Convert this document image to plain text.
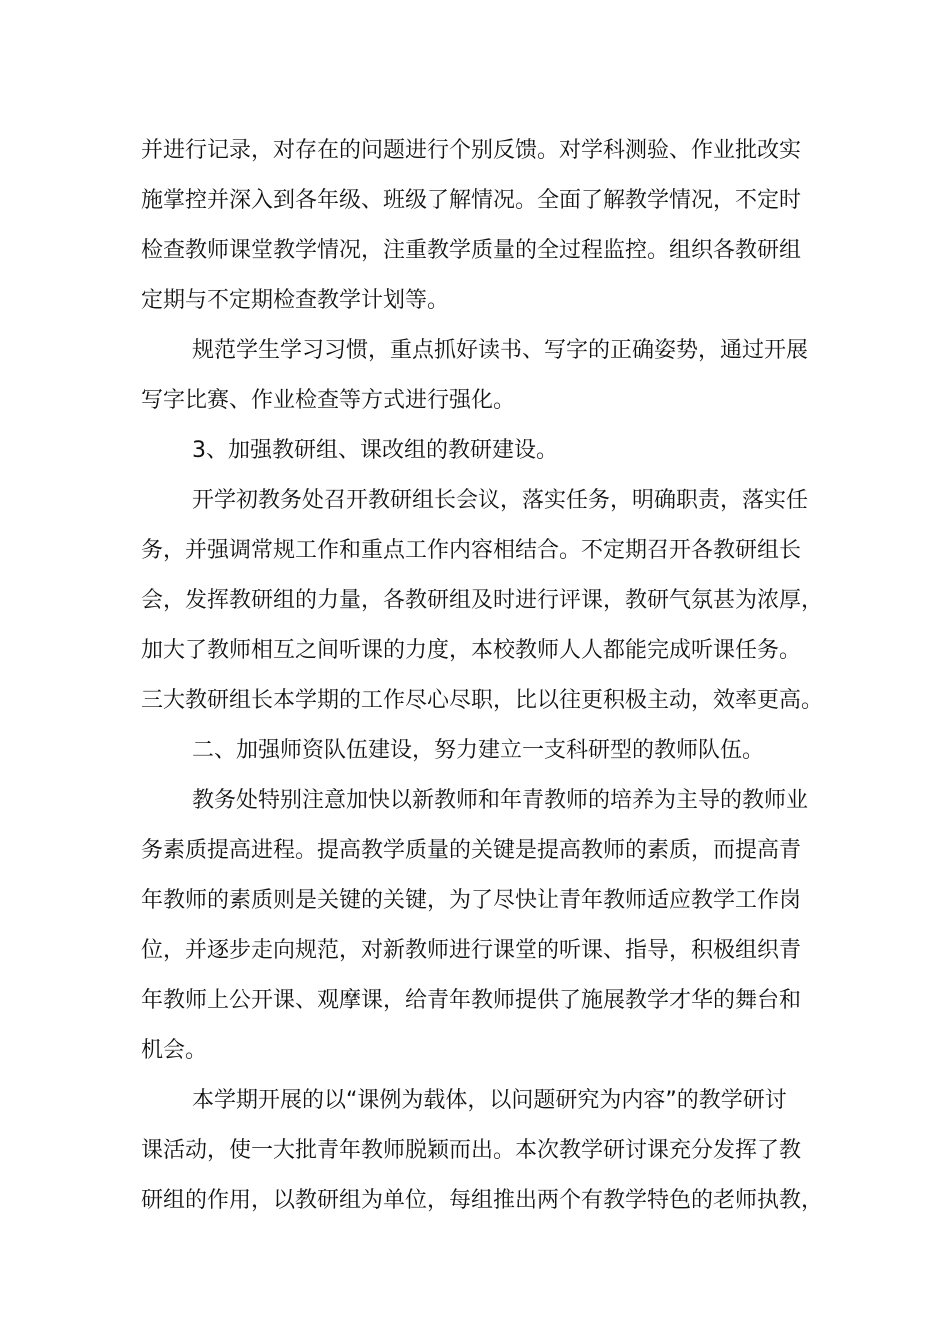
并进行记录，对存在的问题进行个别反馈。对学科测验、作业批改实
施掌控并深入到各年级、班级了解情况。全面了解教学情况，不定时
检查教师课堂教学情况，注重教学质量的全过程监控。组织各教研组
定期与不定期检查教学计划等。
规范学生学习习惯，重点抓好读书、写字的正确姿势，通过开展
写字比赛、作业检查等方式进行强化。
3、加强教研组、课改组的教研建设。
开学初教务处召开教研组长会议，落实任务，明确职责，落实任
务，并强调常规工作和重点工作内容相结合。不定期召开各教研组长
会，发挥教研组的力量，各教研组及时进行评课，教研气氛甚为浓厚，
加大了教师相互之间听课的力度，本校教师人人都能完成听课任务。
三大教研组长本学期的工作尽心尽职，比以往更积极主动，效率更高。
二、加强师资队伍建设，努力建立一支科研型的教师队伍。
教务处特别注意加快以新教师和年青教师的培养为主导的教师业
务素质提高进程。提高教学质量的关键是提高教师的素质，而提高青
年教师的素质则是关键的关键，为了尽快让青年教师适应教学工作岗
位，并逐步走向规范，对新教师进行课堂的听课、指导，积极组织青
年教师上公开课、观摩课，给青年教师提供了施展教学才华的舞台和
机会。
本学期开展的以“课例为载体，以问题研究为内容”的教学研讨
课活动，使一大批青年教师脱颖而出。本次教学研讨课充分发挥了教
研组的作用，以教研组为单位，每组推出两个有教学特色的老师执教，
